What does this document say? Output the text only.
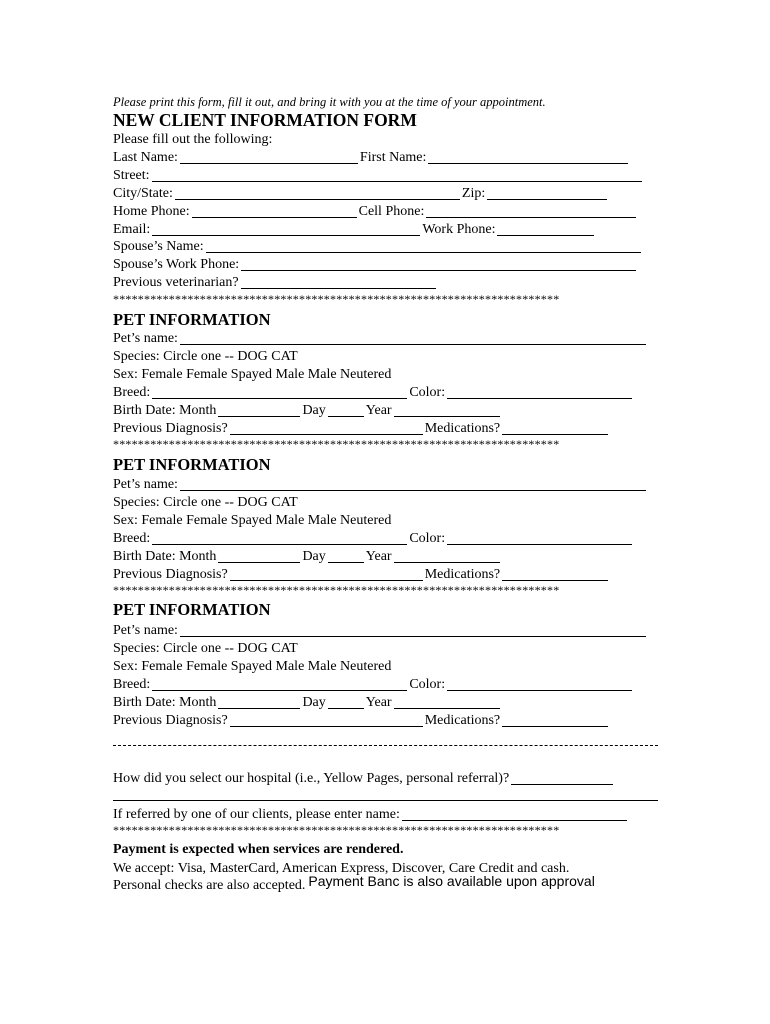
Please print this form, fill it out, and bring it with you at the time of your appointment.
NEW CLIENT INFORMATION FORM
Please fill out the following:
Last Name:	First Name:
Street:
City/State:	Zip:
Home Phone:	Cell Phone:
Email:	Work Phone:
Spouse’s Name:
Spouse’s Work Phone:
Previous veterinarian?
************************************************************************
PET INFORMATION
Pet’s name:
Species: Circle one -- DOG CAT
Sex: Female Female Spayed Male Male Neutered
Breed:	Color:
Birth Date: Month	Day	Year
Previous Diagnosis?	Medications?
************************************************************************
PET INFORMATION
Pet’s name:
Species: Circle one -- DOG CAT
Sex: Female Female Spayed Male Male Neutered
Breed:	Color:
Birth Date: Month	Day	Year
Previous Diagnosis?	Medications?
************************************************************************
PET INFORMATION
Pet’s name:
Species: Circle one -- DOG CAT
Sex: Female Female Spayed Male Male Neutered
Breed:	Color:
Birth Date: Month	Day	Year
Previous Diagnosis?	Medications?
How did you select our hospital (i.e., Yellow Pages, personal referral)?
If referred by one of our clients, please enter name:
************************************************************************
Payment is expected when services are rendered.
We accept: Visa, MasterCard, American Express, Discover, Care Credit and cash.
Personal checks are also accepted. Payment Banc is also available upon approval
